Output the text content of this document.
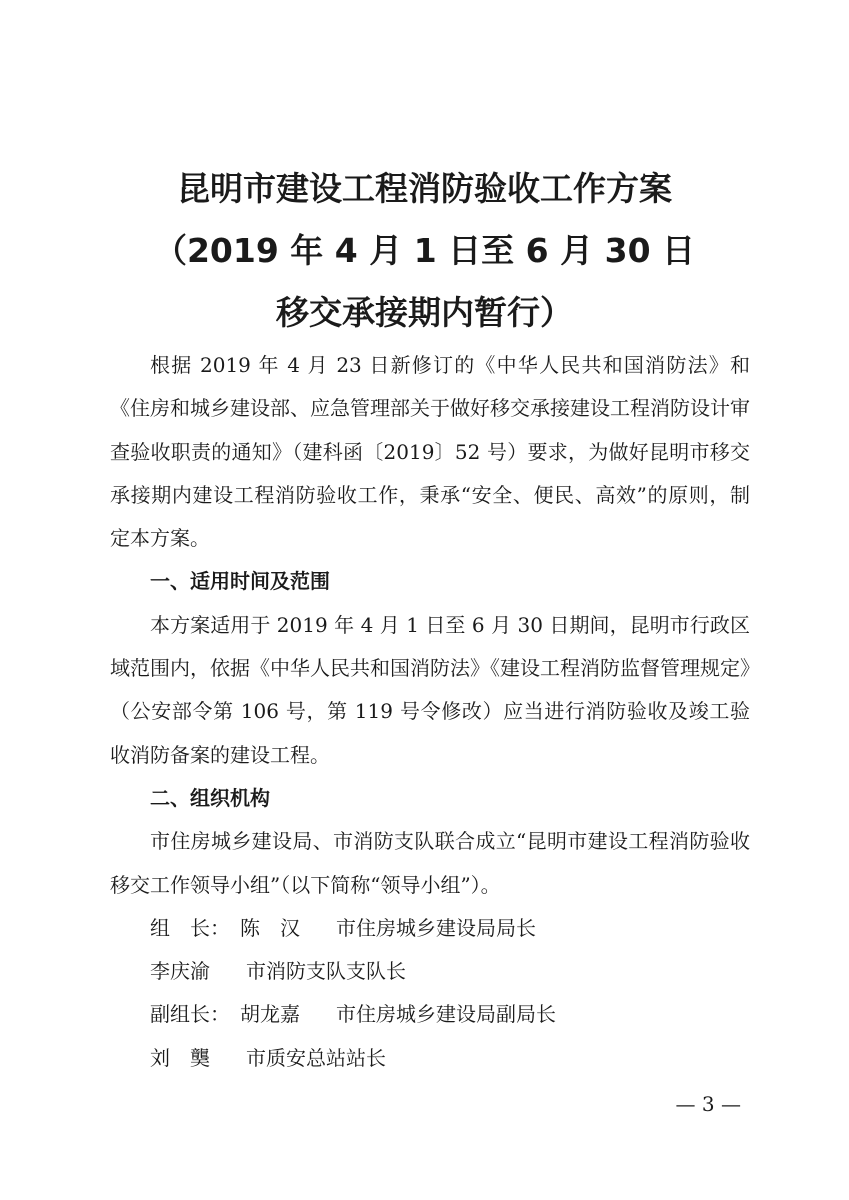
昆明市建设工程消防验收工作方案
（2019 年 4 月 1 日至 6 月 30 日
移交承接期内暂行）

根据 2019 年 4 月 23 日新修订的《中华人民共和国消防法》和《住房和城乡建设部、应急管理部关于做好移交承接建设工程消防设计审查验收职责的通知》（建科函〔2019〕52 号）要求，为做好昆明市移交承接期内建设工程消防验收工作，秉承“安全、便民、高效”的原则，制定本方案。

一、适用时间及范围

本方案适用于 2019 年 4 月 1 日至 6 月 30 日期间，昆明市行政区域范围内，依据《中华人民共和国消防法》《建设工程消防监督管理规定》（公安部令第 106 号，第 119 号令修改）应当进行消防验收及竣工验收消防备案的建设工程。

二、组织机构

市住房城乡建设局、市消防支队联合成立“昆明市建设工程消防验收移交工作领导小组”（以下简称“领导小组”）。

组　长： 陈　汉 市住房城乡建设局局长
李庆渝 市消防支队支队长
副组长： 胡龙嘉 市住房城乡建设局副局长
刘　龑 市质安总站站长
— 3 —
